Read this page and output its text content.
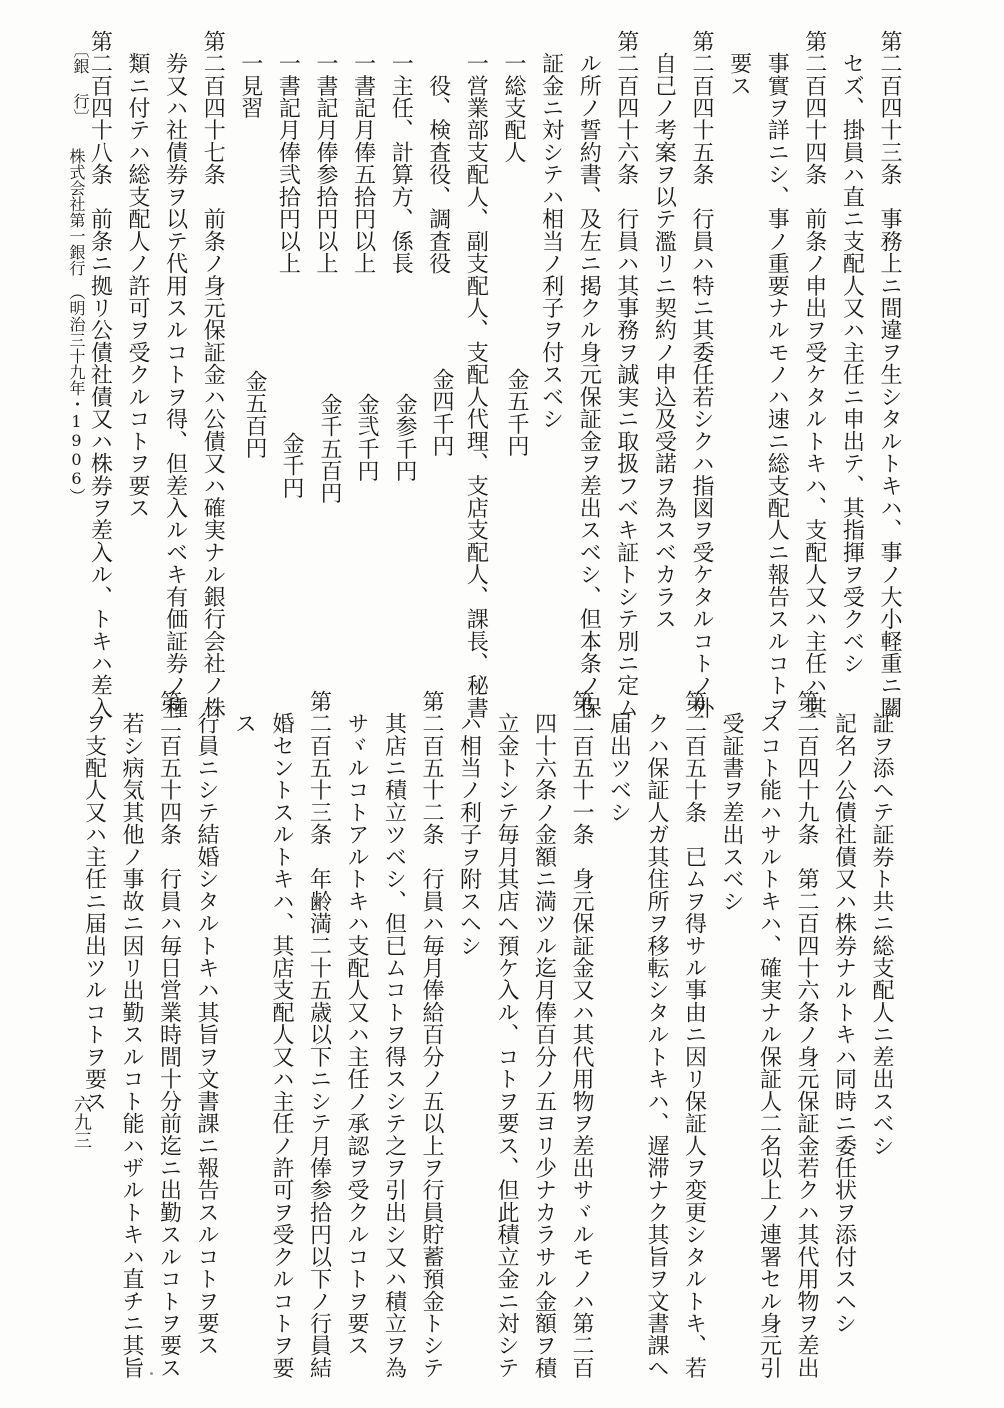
第二百四十三条　事務上ニ間違ヲ生シタルトキハ、事ノ大小軽重ニ關
　セズ、掛員ハ直ニ支配人又ハ主任ニ申出テ、其指揮ヲ受クベシ
第二百四十四条　前条ノ申出ヲ受ケタルトキハ、支配人又ハ主任ハ其
　事實ヲ詳ニシ、事ノ重要ナルモノハ速ニ総支配人ニ報告スルコトヲ
　要ス
第二百四十五条　行員ハ特ニ其委任若シクハ指図ヲ受ケタルコトノ外
　自己ノ考案ヲ以テ濫リニ契約ノ申込及受諾ヲ為スベカラス
第二百四十六条　行員ハ其事務ヲ誠実ニ取扱フベキ証トシテ別ニ定ム
　ル所ノ誓約書、及左ニ掲クル身元保証金ヲ差出スベシ、但本条ノ保
　証金ニ対シテハ相当ノ利子ヲ付スベシ
　一総支配人
　一営業部支配人、副支配人、支配人代理、支店支配人、課長、秘書
　　役、検査役、調査役
　一主任、計算方、係長
　一書記月俸五拾円以上
　一書記月俸参拾円以上
　一書記月俸弐拾円以上
　一見習
第二百四十七条　前条ノ身元保証金ハ公債又ハ確実ナル銀行会社ノ株
　券又ハ社債券ヲ以テ代用スルコトヲ得、但差入ルベキ有価証券ノ種
　類ニ付テハ総支配人ノ許可ヲ受クルコトヲ要ス
第二百四十八条　前条ニ拠リ公債社債又ハ株券ヲ差入ル、トキハ差入	金五千円
金四千円
金参千円
金弐千円
金千五百円
金千円
金五百円
　証ヲ添ヘテ証券ト共ニ総支配人ニ差出スベシ
　記名ノ公債社債又ハ株券ナルトキハ同時ニ委任状ヲ添付スヘシ
第二百四十九条　第二百四十六条ノ身元保証金若クハ其代用物ヲ差出
　スコト能ハサルトキハ、確実ナル保証人二名以上ノ連署セル身元引
　受証書ヲ差出スベシ
第二百五十条　已ムヲ得サル事由ニ因リ保証人ヲ変更シタルトキ、若
　クハ保証人ガ其住所ヲ移転シタルトキハ、遅滞ナク其旨ヲ文書課ヘ
　届出ツベシ
第二百五十一条　身元保証金又ハ其代用物ヲ差出サヾルモノハ第二百
　四十六条ノ金額ニ満ツル迄月俸百分ノ五ヨリ少ナカラサル金額ヲ積
　立金トシテ毎月其店ヘ預ケ入ル、コトヲ要ス、但此積立金ニ対シテ
　ハ相当ノ利子ヲ附スヘシ
第二百五十二条　行員ハ毎月俸給百分ノ五以上ヲ行員貯蓄預金トシテ
　其店ニ積立ツベシ、但已ムコトヲ得スシテ之ヲ引出シ又ハ積立ヲ為
　サヾルコトアルトキハ支配人又ハ主任ノ承認ヲ受クルコトヲ要ス
第二百五十三条　年齢満二十五歳以下ニシテ月俸参拾円以下ノ行員結
　婚セントスルトキハ、其店支配人又ハ主任ノ許可ヲ受クルコトヲ要
　ス
　行員ニシテ結婚シタルトキハ其旨ヲ文書課ニ報告スルコトヲ要ス
第二百五十四条　行員ハ毎日営業時間十分前迄ニ出勤スルコトヲ要ス
　若シ病気其他ノ事故ニ因リ出勤スルコト能ハザルトキハ直チニ其旨
　ヲ支配人又ハ主任ニ届出ツルコトヲ要ス
〔銀 行〕
株式会社第一銀行　（明治三十九年・1906）
六九三
